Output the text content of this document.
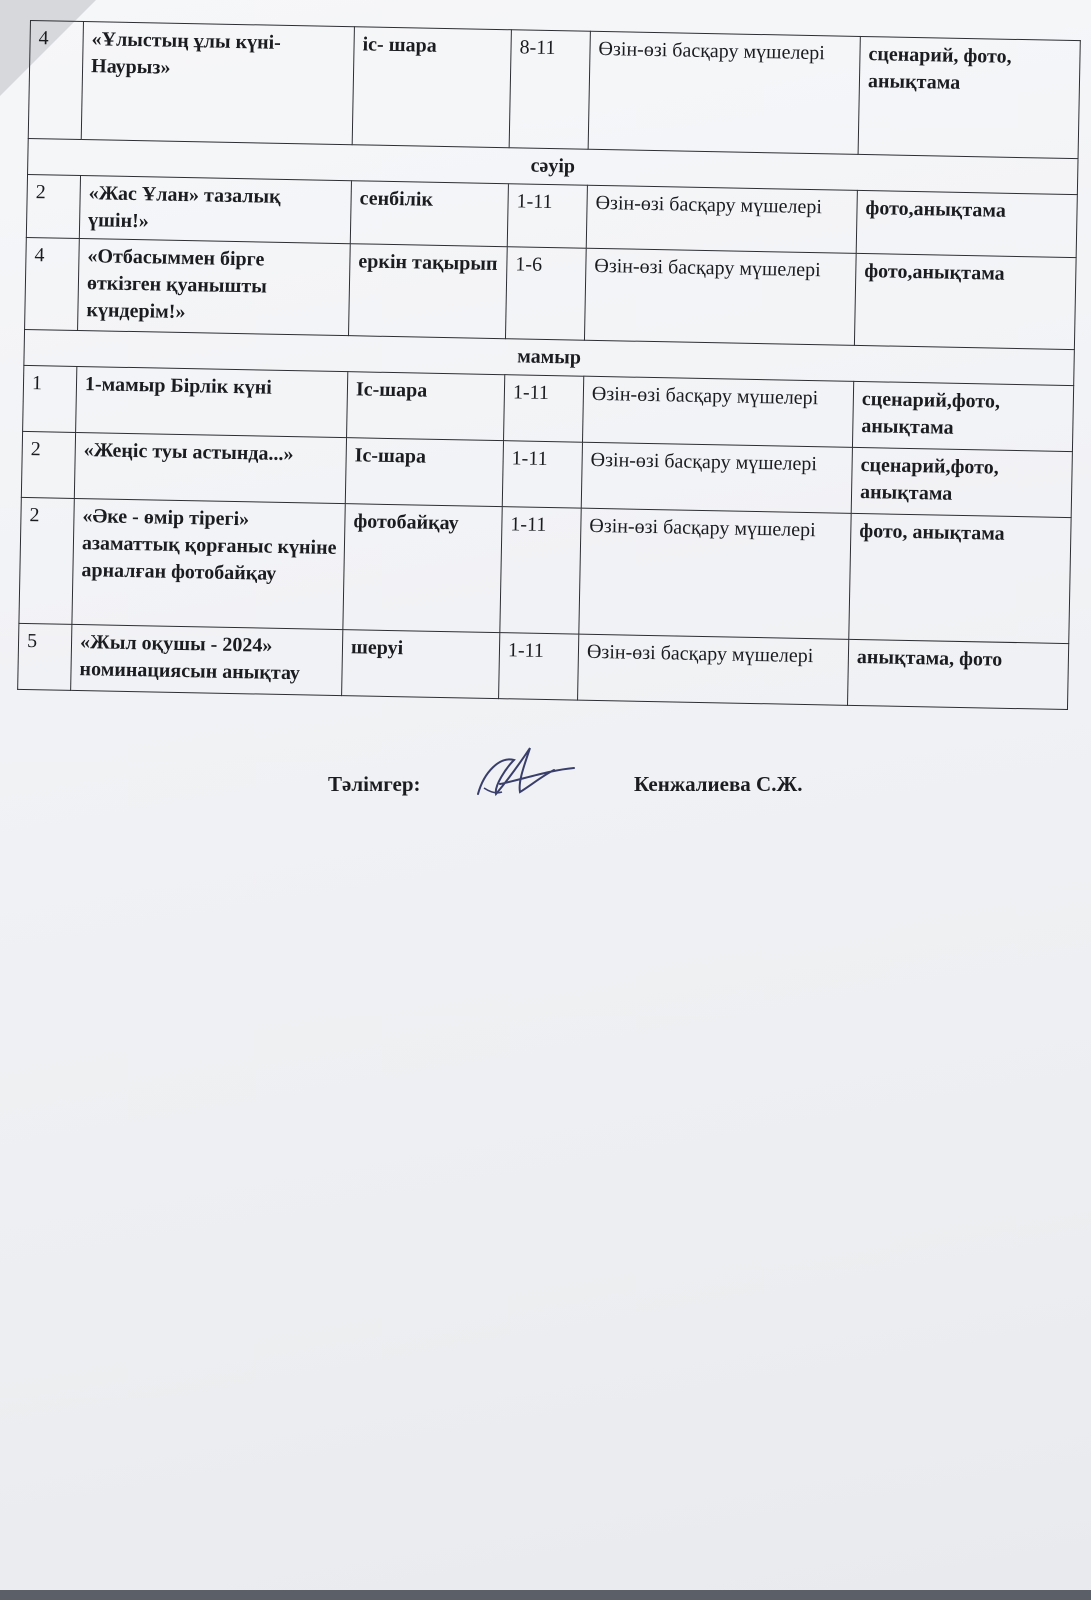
4	«Ұлыстың ұлы күні- Наурыз»	іс- шара	8-11	Өзін-өзі басқару мүшелері	сценарий, фото, анықтама
сәуір					
2	«Жас Ұлан» тазалық үшін!»	сенбілік	1-11	Өзін-өзі басқару мүшелері	фото,анықтама
4	«Отбасыммен бірге өткізген қуанышты күндерім!»	еркін тақырып	1-6	Өзін-өзі басқару мүшелері	фото,анықтама
мамыр					
1	1-мамыр Бірлік күні	Іс-шара	1-11	Өзін-өзі басқару мүшелері	сценарий,фото, анықтама
2	«Жеңіс туы астында...»	Іс-шара	1-11	Өзін-өзі басқару мүшелері	сценарий,фото, анықтама
2	«Әке - өмір тірегі» азаматтық қорғаныс күніне арналған фотобайқау	фотобайқау	1-11	Өзін-өзі басқару мүшелері	фото, анықтама
5	«Жыл оқушы - 2024» номинациясын анықтау	шеруі	1-11	Өзін-өзі басқару мүшелері	анықтама, фото
Тәлімгер:	Кенжалиева С.Ж.
